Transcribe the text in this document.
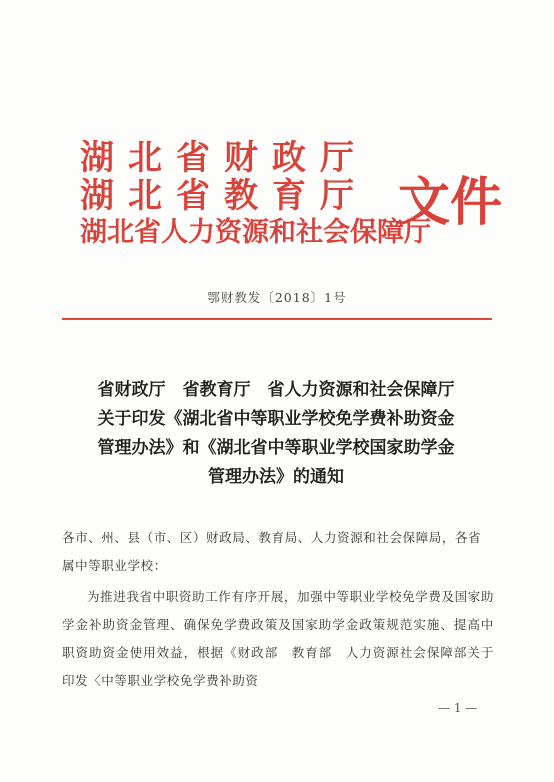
湖北省财政厅
湖北省教育厅
湖北省人力资源和社会保障厅
文件
鄂财教发〔2018〕1号
省财政厅　省教育厅　省人力资源和社会保障厅
关于印发《湖北省中等职业学校免学费补助资金
管理办法》和《湖北省中等职业学校国家助学金
管理办法》的通知
各市、州、县（市、区）财政局、教育局、人力资源和社会保障局，各省属中等职业学校：
为推进我省中职资助工作有序开展，加强中等职业学校免学费及国家助学金补助资金管理、确保免学费政策及国家助学金政策规范实施、提高中职资助资金使用效益，根据《财政部　教育部　人力资源社会保障部关于印发〈中等职业学校免学费补助资
— 1 —
